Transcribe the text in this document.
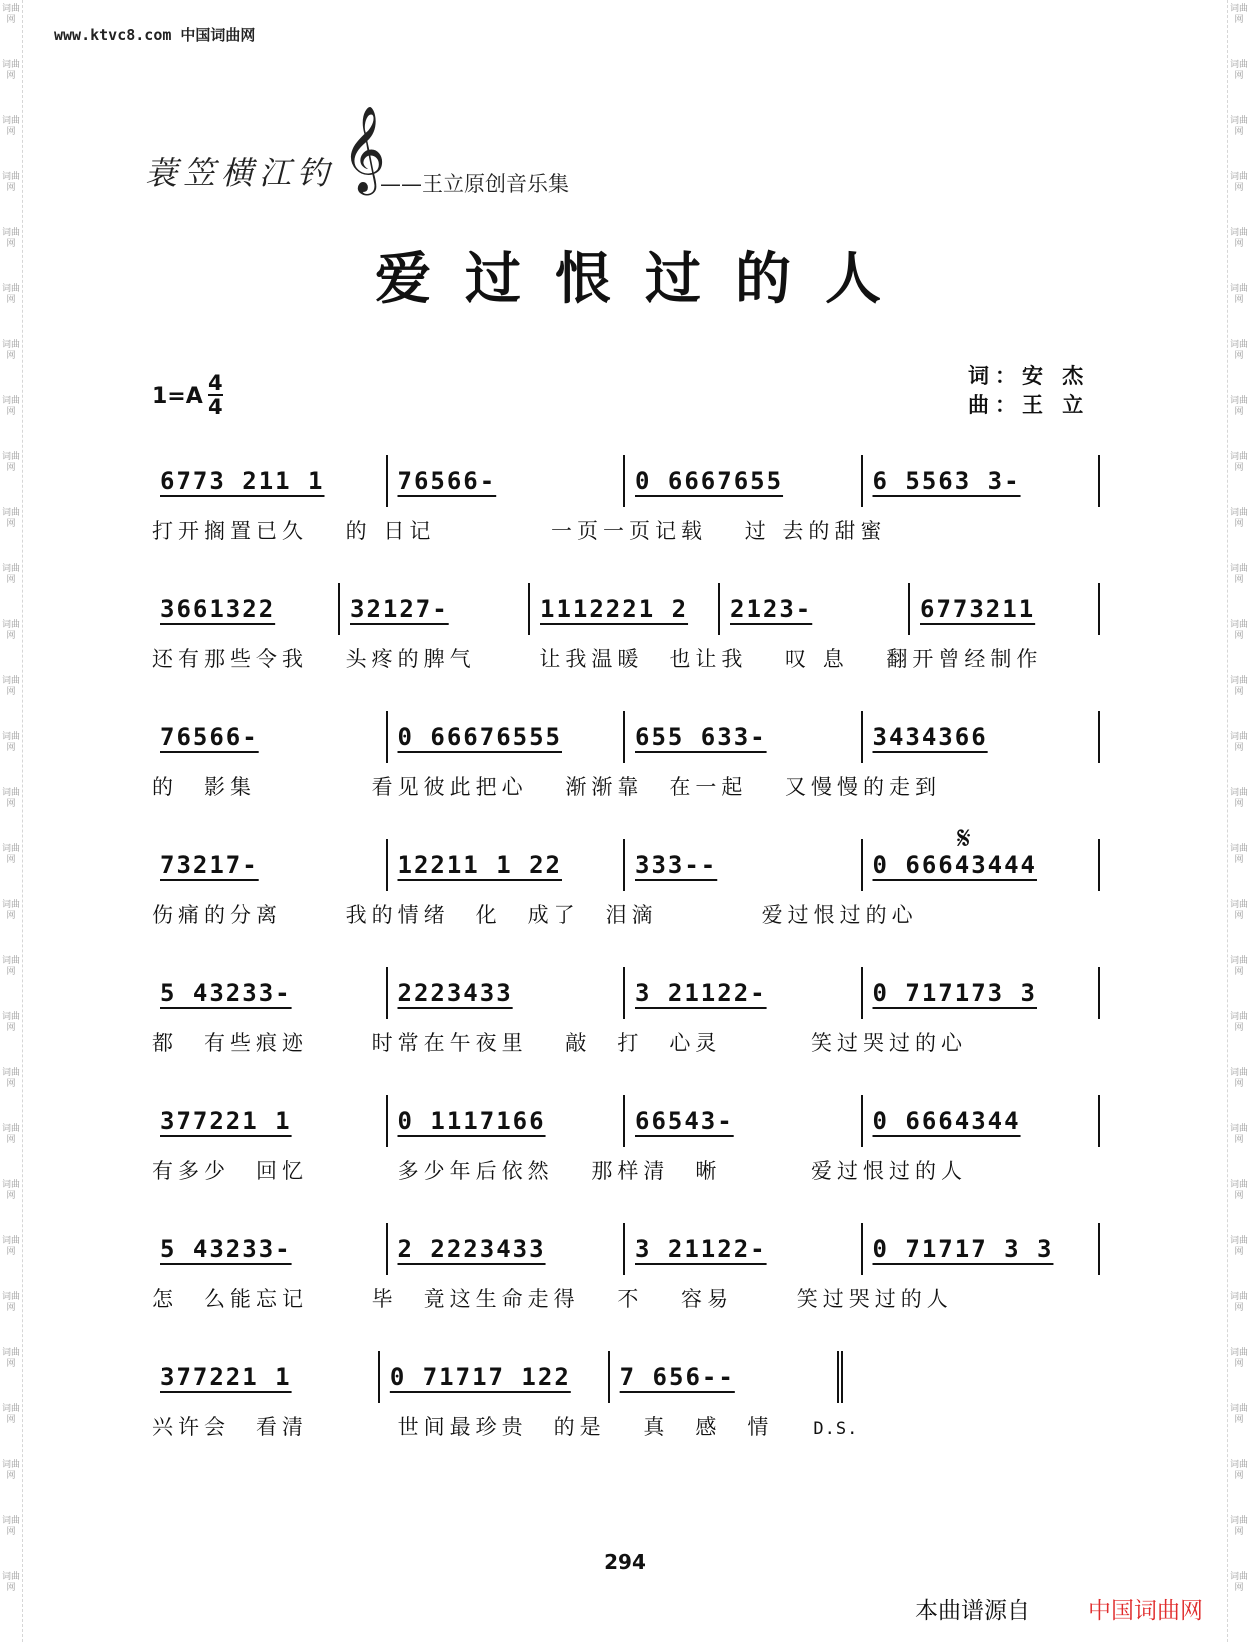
词曲网
词曲网
词曲网
词曲网
词曲网
词曲网
词曲网
词曲网
词曲网
词曲网
词曲网
词曲网
词曲网
词曲网
词曲网
词曲网
词曲网
词曲网
词曲网
词曲网
词曲网
词曲网
词曲网
词曲网
词曲网
词曲网
词曲网
词曲网
词曲网
词曲网
词曲网
词曲网
词曲网
词曲网
词曲网
词曲网
词曲网
词曲网
词曲网
词曲网
词曲网
词曲网
词曲网
词曲网
词曲网
词曲网
词曲网
词曲网
词曲网
词曲网
词曲网
词曲网
词曲网
词曲网
词曲网
词曲网
词曲网
词曲网
www.ktvc8.com 中国词曲网
蓑笠横江钓 𝄞
——王立原创音乐集
爱过恨过的人
$1=A \frac{4}{4}$	词：安 杰
曲：王 立
6773 211 1	76566-	0 6667655	6 5563 3-
打开搁置已久　 的 日记　　　　 一页一页记载　 过 去的甜蜜
3661322	32127-	1112221 2	2123-	6773211
还有那些令我　 头疼的脾气　　 让我温暖　也让我　 叹 息　 翻开曾经制作
76566-	0 66676555	655 633-	3434366
的　影集　　　　 看见彼此把心　 渐渐靠　在一起　 又慢慢的走到
𝄋
73217-	12211 1 22	333--	0 66643444
伤痛的分离　　 我的情绪　化　成了　泪滴　　　　爱过恨过的心
5 43233-	2223433	3 21122-	0 717173 3
都　有些痕迹　　 时常在午夜里　 敲　打　心灵　　　 笑过哭过的心
377221 1	0 1117166	66543-	0 6664344
有多少　回忆　　　 多少年后依然　 那样清　晰　　　 爱过恨过的人
5 43233-	2 2223433	3 21122-	0 71717 3 3
怎　么能忘记　　 毕　竟这生命走得　 不　 容易　　 笑过哭过的人
377221 1	0 71717 122	7 656--
兴许会　看清　　　 世间最珍贵　的是　 真　感　情 D.S.
294
本曲谱源自	中国词曲网
